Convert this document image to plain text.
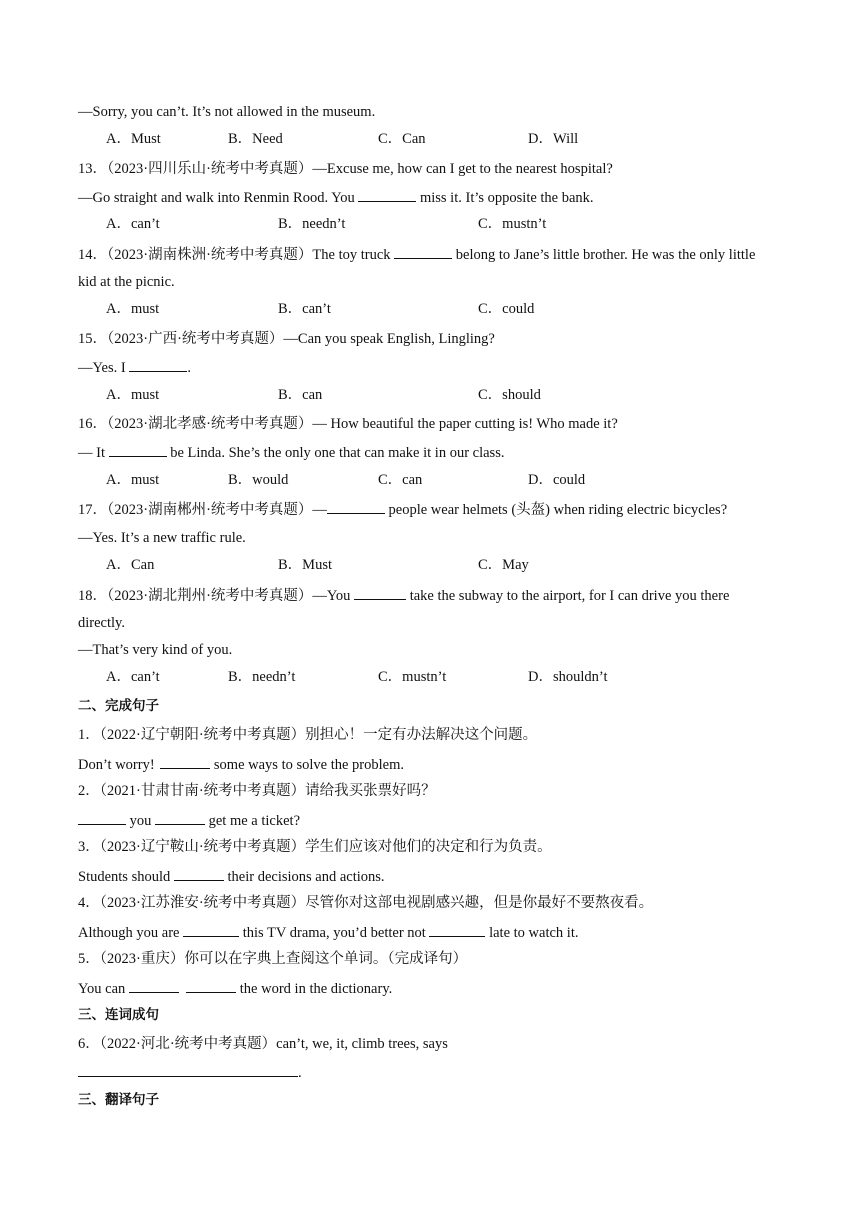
—Sorry, you can’t. It’s not allowed in the museum.
A．Must	B．Need	C．Can	D．Will
13．（2023·四川乐山·统考中考真题）—Excuse me, how can I get to the nearest hospital?
—Go straight and walk into Renmin Rood. You	miss it. It’s opposite the bank.
A．can’t	B．needn’t	C．mustn’t
14．（2023·湖南株洲·统考中考真题）The toy truck	belong to Jane’s little brother. He was the only little
kid at the picnic.
A．must	B．can’t	C．could
15．（2023·广西·统考中考真题）—Can you speak English, Lingling?
—Yes. I	.
A．must	B．can	C．should
16．（2023·湖北孝感·统考中考真题）— How beautiful the paper cutting is! Who made it?
— It	be Linda. She’s the only one that can make it in our class.
A．must	B．would	C．can	D．could
17．（2023·湖南郴州·统考中考真题）—	people wear helmets (头盔) when riding electric bicycles?
—Yes. It’s a new traffic rule.
A．Can	B．Must	C．May
18．（2023·湖北荆州·统考中考真题）—You	take the subway to the airport, for I can drive you there
directly.
—That’s very kind of you.
A．can’t	B．needn’t	C．mustn’t	D．shouldn’t
二、完成句子
1．（2022·辽宁朝阳·统考中考真题）别担心！一定有办法解决这个问题。
Don’t worry!	some ways to solve the problem.
2．（2021·甘肃甘南·统考中考真题）请给我买张票好吗？
you	get me a ticket?
3．（2023·辽宁鞍山·统考中考真题）学生们应该对他们的决定和行为负责。
Students should	their decisions and actions.
4．（2023·江苏淮安·统考中考真题）尽管你对这部电视剧感兴趣，但是你最好不要熬夜看。
Although you are	this TV drama, you’d better not	late to watch it.
5．（2023·重庆）你可以在字典上查阅这个单词。（完成译句）
You can	the word in the dictionary.
三、连词成句
6．（2022·河北·统考中考真题）can’t, we, it, climb trees, says
.
三、翻译句子
